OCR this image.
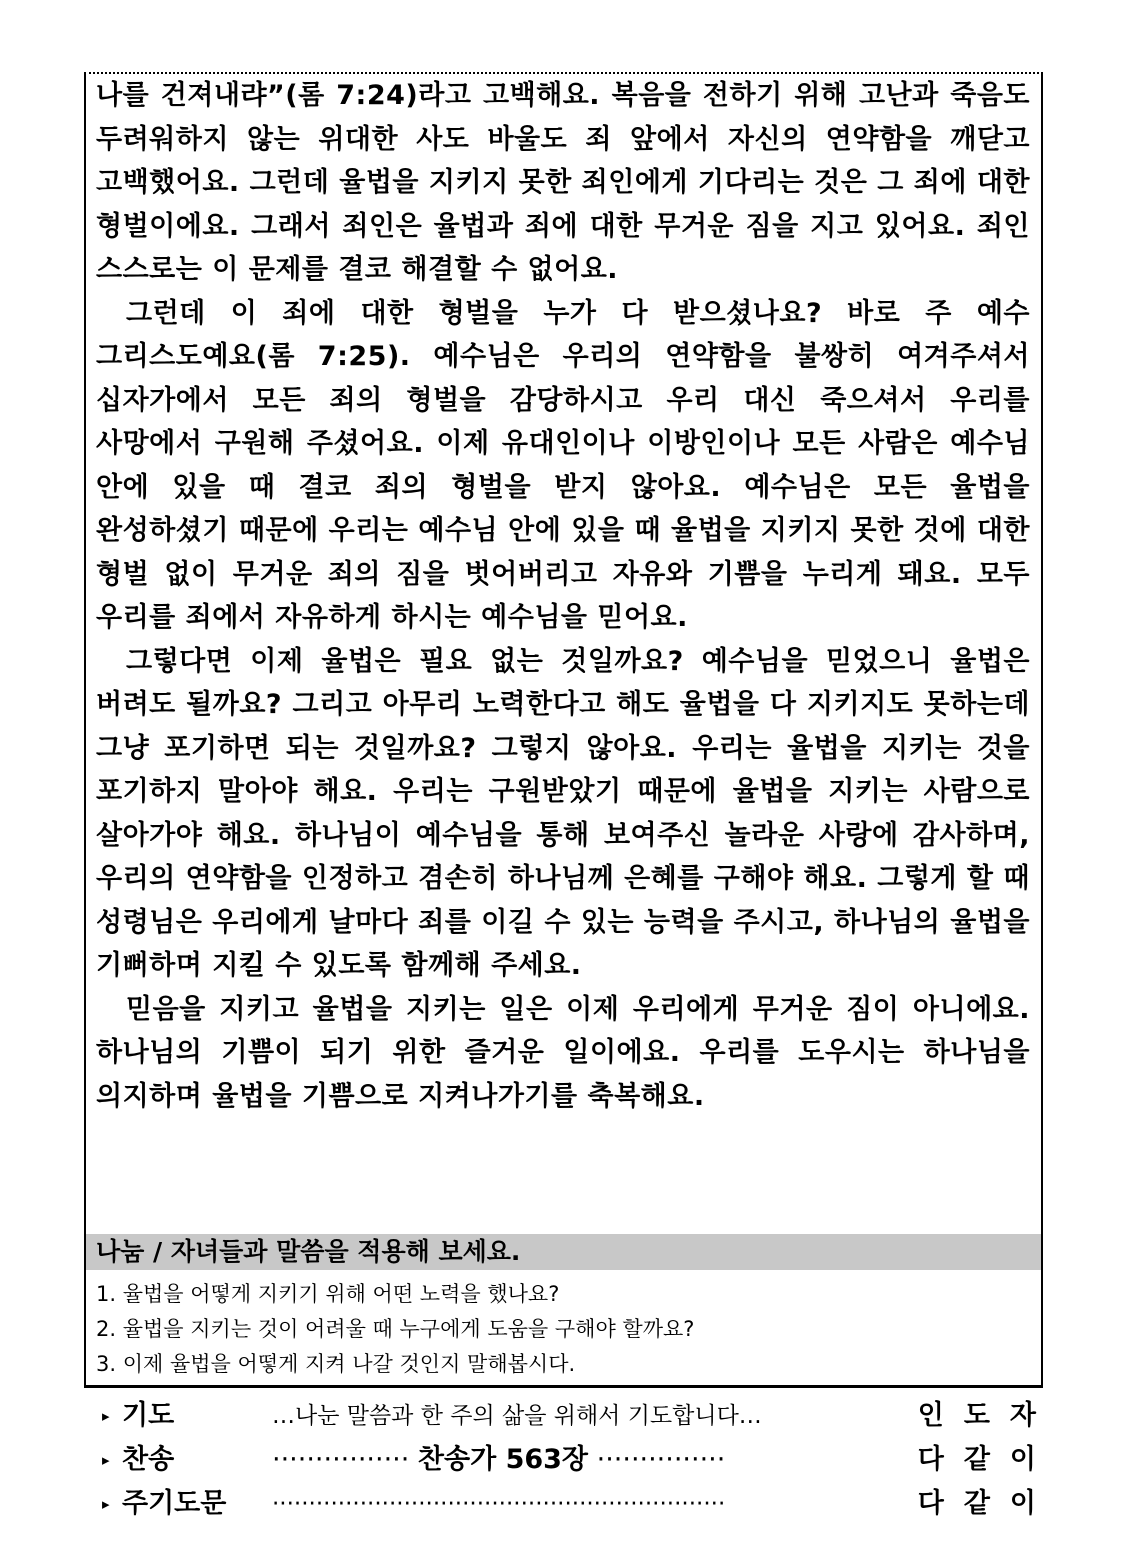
나를 건져내랴”(롬 7:24)라고 고백해요. 복음을 전하기 위해 고난과 죽음도 두려워하지 않는 위대한 사도 바울도 죄 앞에서 자신의 연약함을 깨닫고 고백했어요. 그런데 율법을 지키지 못한 죄인에게 기다리는 것은 그 죄에 대한 형벌이에요. 그래서 죄인은 율법과 죄에 대한 무거운 짐을 지고 있어요. 죄인 스스로는 이 문제를 결코 해결할 수 없어요.

그런데 이 죄에 대한 형벌을 누가 다 받으셨나요? 바로 주 예수 그리스도예요(롬 7:25). 예수님은 우리의 연약함을 불쌍히 여겨주셔서 십자가에서 모든 죄의 형벌을 감당하시고 우리 대신 죽으셔서 우리를 사망에서 구원해 주셨어요. 이제 유대인이나 이방인이나 모든 사람은 예수님 안에 있을 때 결코 죄의 형벌을 받지 않아요. 예수님은 모든 율법을 완성하셨기 때문에 우리는 예수님 안에 있을 때 율법을 지키지 못한 것에 대한 형벌 없이 무거운 죄의 짐을 벗어버리고 자유와 기쁨을 누리게 돼요. 모두 우리를 죄에서 자유하게 하시는 예수님을 믿어요.

그렇다면 이제 율법은 필요 없는 것일까요? 예수님을 믿었으니 율법은 버려도 될까요? 그리고 아무리 노력한다고 해도 율법을 다 지키지도 못하는데 그냥 포기하면 되는 것일까요? 그렇지 않아요. 우리는 율법을 지키는 것을 포기하지 말아야 해요. 우리는 구원받았기 때문에 율법을 지키는 사람으로 살아가야 해요. 하나님이 예수님을 통해 보여주신 놀라운 사랑에 감사하며, 우리의 연약함을 인정하고 겸손히 하나님께 은혜를 구해야 해요. 그렇게 할 때 성령님은 우리에게 날마다 죄를 이길 수 있는 능력을 주시고, 하나님의 율법을 기뻐하며 지킬 수 있도록 함께해 주세요.

믿음을 지키고 율법을 지키는 일은 이제 우리에게 무거운 짐이 아니에요. 하나님의 기쁨이 되기 위한 즐거운 일이에요. 우리를 도우시는 하나님을 의지하며 율법을 기쁨으로 지켜나가기를 축복해요.

나눔 / 자녀들과 말씀을 적용해 보세요.
1. 율법을 어떻게 지키기 위해 어떤 노력을 했나요?
2. 율법을 지키는 것이 어려울 때 누구에게 도움을 구해야 할까요?
3. 이제 율법을 어떻게 지켜 나갈 것인지 말해봅시다.
▸ 기도	…나눈 말씀과 한 주의 삶을 위해서 기도합니다…	인도자
▸ 찬송	················ 찬송가 563장 ···············	다같이
▸ 주기도문 ······························································	다같이
